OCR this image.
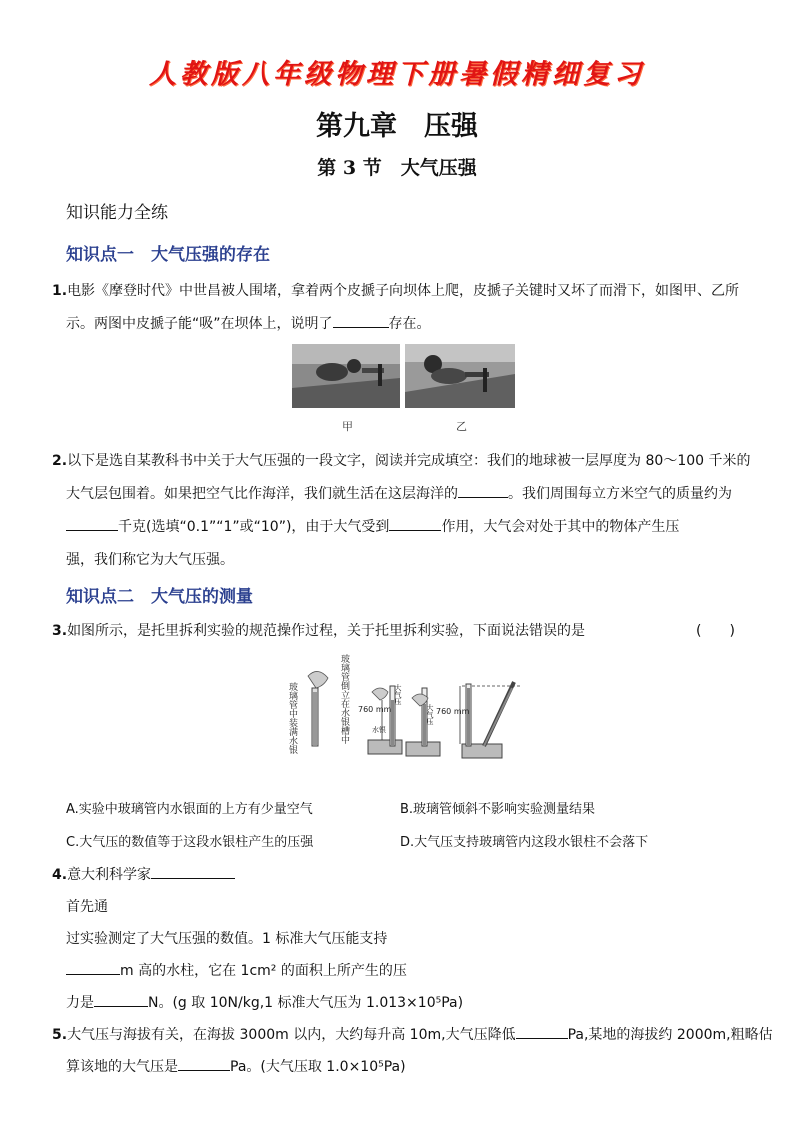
人教版八年级物理下册暑假精细复习
第九章　压强
第 3 节　大气压强
知识能力全练
知识点一　大气压强的存在
1.电影《摩登时代》中世昌被人围堵，拿着两个皮搋子向坝体上爬，皮搋子关键时又坏了而滑下，如图甲、乙所
示。两图中皮搋子能“吸”在坝体上，说明了	存在。
甲	乙
2.以下是选自某教科书中关于大气压强的一段文字，阅读并完成填空：我们的地球被一层厚度为 80～100 千米的
大气层包围着。如果把空气比作海洋，我们就生活在这层海洋的	。我们周围每立方米空气的质量约为
千克(选填“0.1”“1”或“10”)，由于大气受到	作用，大气会对处于其中的物体产生压
强，我们称它为大气压强。
知识点二　大气压的测量
3.如图所示，是托里拆利实验的规范操作过程，关于托里拆利实验，下面说法错误的是	(　　)
玻璃管中装满水银	玻璃管倒立在水银槽中 760 mm
水银
大气压
大气压 760 mm
A.实验中玻璃管内水银面的上方有少量空气	B.玻璃管倾斜不影响实验测量结果
C.大气压的数值等于这段水银柱产生的压强	D.大气压支持玻璃管内这段水银柱不会落下
4.意大利科学家
首先通
过实验测定了大气压强的数值。1 标准大气压能支持
m 高的水柱，它在 1cm² 的面积上所产生的压
力是	N。(g 取 10N/kg,1 标准大气压为 1.013×10⁵Pa)
5.大气压与海拔有关，在海拔 3000m 以内，大约每升高 10m,大气压降低	Pa,某地的海拔约 2000m,粗略估
算该地的大气压是	Pa。(大气压取 1.0×10⁵Pa)
